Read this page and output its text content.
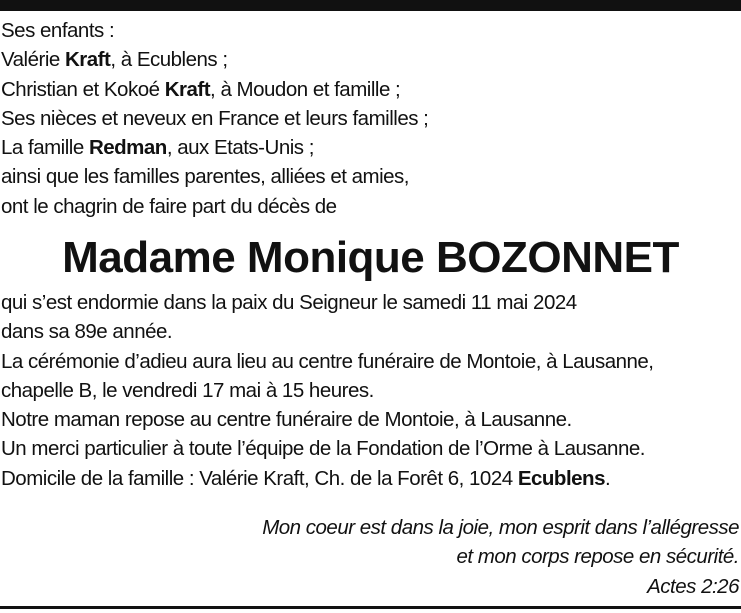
Ses enfants :
Valérie Kraft, à Ecublens ;
Christian et Kokoé Kraft, à Moudon et famille ;
Ses nièces et neveux en France et leurs familles ;
La famille Redman, aux Etats-Unis ;
ainsi que les familles parentes, alliées et amies,
ont le chagrin de faire part du décès de
Madame Monique BOZONNET
qui s’est endormie dans la paix du Seigneur le samedi 11 mai 2024
dans sa 89e année.
La cérémonie d’adieu aura lieu au centre funéraire de Montoie, à Lausanne,
chapelle B, le vendredi 17 mai à 15 heures.
Notre maman repose au centre funéraire de Montoie, à Lausanne.
Un merci particulier à toute l’équipe de la Fondation de l’Orme à Lausanne.
Domicile de la famille : Valérie Kraft, Ch. de la Forêt 6, 1024 Ecublens.
Mon coeur est dans la joie, mon esprit dans l’allégresse
et mon corps repose en sécurité.
Actes 2:26
